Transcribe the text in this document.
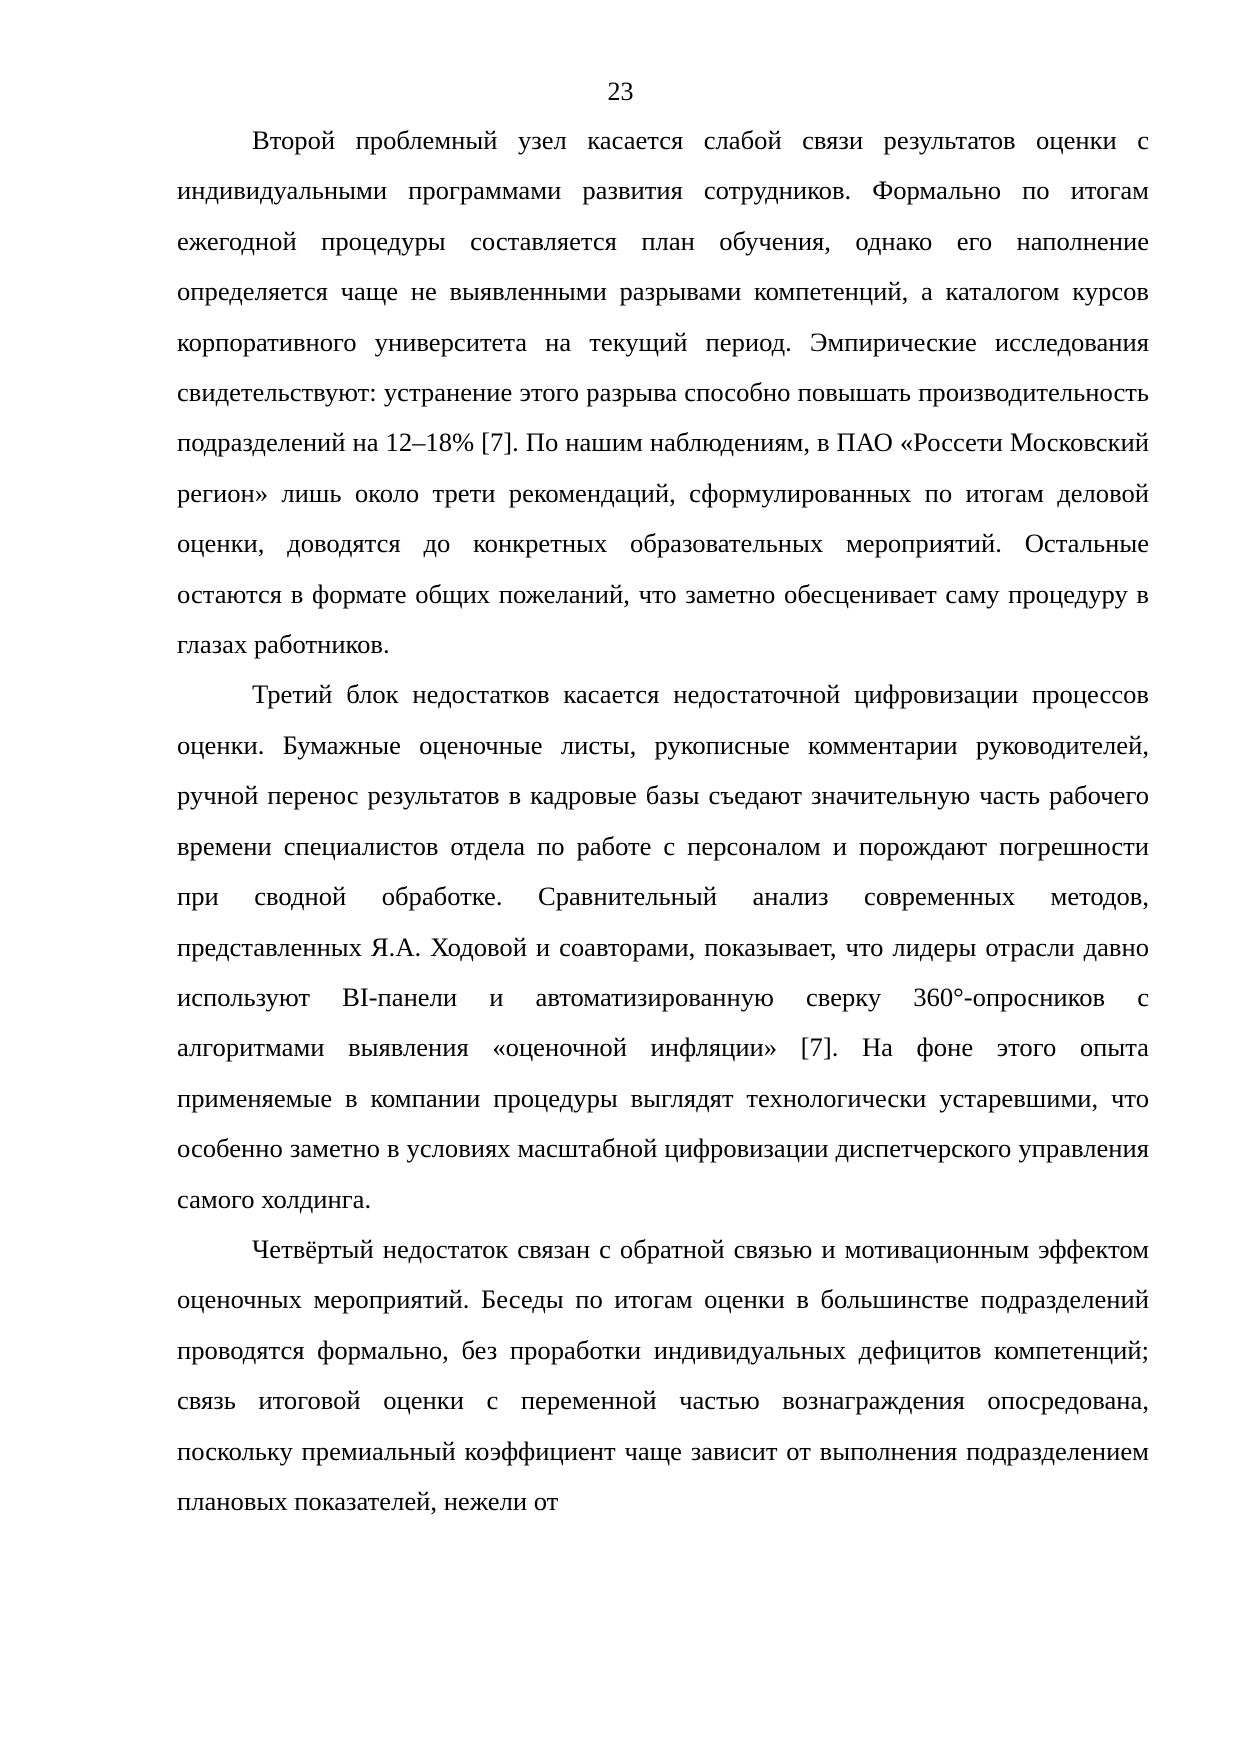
23

Второй проблемный узел касается слабой связи результатов оценки с индивидуальными программами развития сотрудников. Формально по итогам ежегодной процедуры составляется план обучения, однако его наполнение определяется чаще не выявленными разрывами компетенций, а каталогом курсов корпоративного университета на текущий период. Эмпирические исследования свидетельствуют: устранение этого разрыва способно повышать производительность подразделений на 12–18% [7]. По нашим наблюдениям, в ПАО «Россети Московский регион» лишь около трети рекомендаций, сформулированных по итогам деловой оценки, доводятся до конкретных образовательных мероприятий. Остальные остаются в формате общих пожеланий, что заметно обесценивает саму процедуру в глазах работников.

Третий блок недостатков касается недостаточной цифровизации процессов оценки. Бумажные оценочные листы, рукописные комментарии руководителей, ручной перенос результатов в кадровые базы съедают значительную часть рабочего времени специалистов отдела по работе с персоналом и порождают погрешности при сводной обработке. Сравнительный анализ современных методов, представленных Я.А. Ходовой и соавторами, показывает, что лидеры отрасли давно используют BI-панели и автоматизированную сверку 360°-опросников с алгоритмами выявления «оценочной инфляции» [7]. На фоне этого опыта применяемые в компании процедуры выглядят технологически устаревшими, что особенно заметно в условиях масштабной цифровизации диспетчерского управления самого холдинга.

Четвёртый недостаток связан с обратной связью и мотивационным эффектом оценочных мероприятий. Беседы по итогам оценки в большинстве подразделений проводятся формально, без проработки индивидуальных дефицитов компетенций; связь итоговой оценки с переменной частью вознаграждения опосредована, поскольку премиальный коэффициент чаще зависит от выполнения подразделением плановых показателей, нежели от
